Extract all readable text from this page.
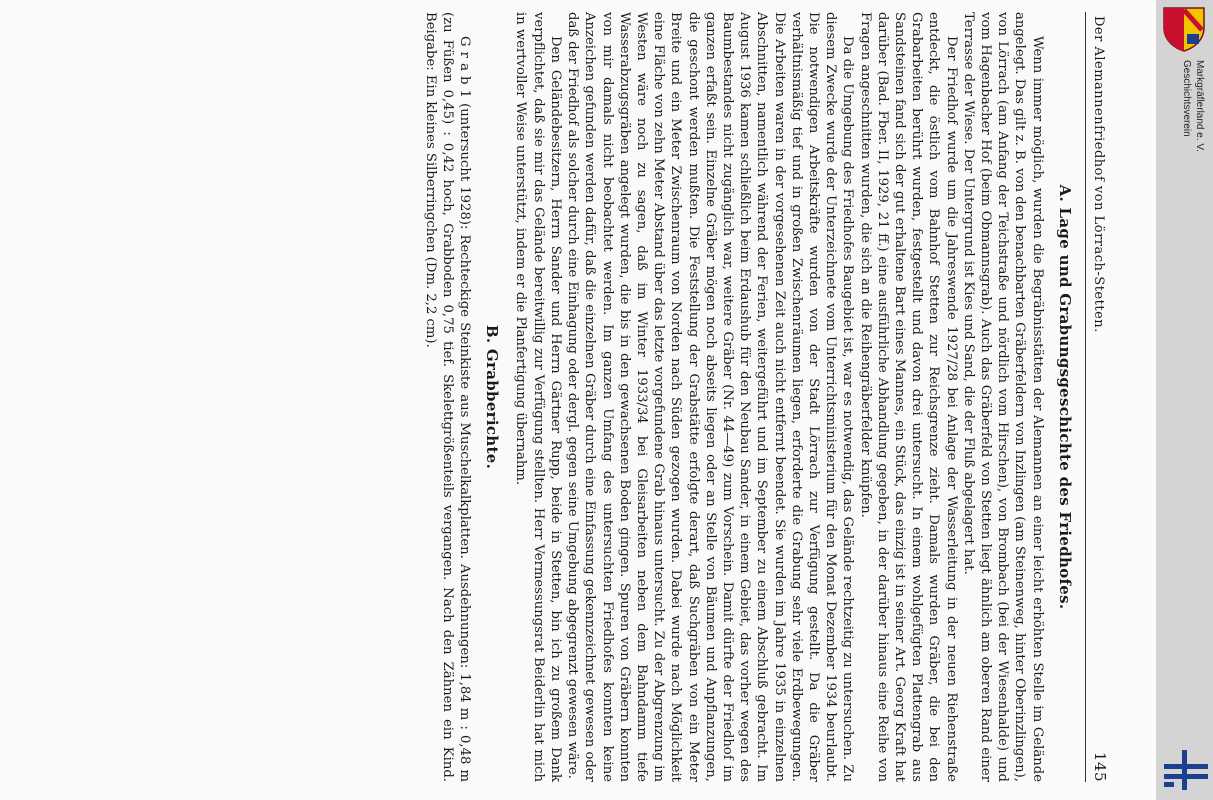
Der Alemannenfriedhof von Lörrach-Stetten.
145
A. Lage und Grabungsgeschichte des Friedhofes.

Wenn immer möglich, wurden die Begräbnisstätten der Alemannen an einer leicht erhöhten Stelle im Gelände angelegt. Das gilt z. B. von den benachbarten Gräberfeldern von Inzlingen (am Steinenweg, hinter Oberinzlingen), von Lörrach (am Anfang der Teichstraße und nördlich vom Hirschen), von Brombach (bei der Wiesenhalde) und vom Hagenbacher Hof (beim Obmannsgrab). Auch das Gräberfeld von Stetten liegt ähnlich am oberen Rand einer Terrasse der Wiese. Der Untergrund ist Kies und Sand, die der Fluß abgelagert hat.

Der Friedhof wurde um die Jahreswende 1927/28 bei Anlage der Wasserleitung in der neuen Riehenstraße entdeckt, die östlich vom Bahnhof Stetten zur Reichsgrenze zieht. Damals wurden Gräber, die bei den Grabarbeiten berührt wurden, festgestellt und davon drei untersucht. In einem wohlgefügten Plattengrab aus Sandsteinen fand sich der gut erhaltene Bart eines Mannes, ein Stück, das einzig ist in seiner Art. Georg Kraft hat darüber (Bad. Fber. II, 1929, 21 ff.) eine ausführliche Abhandlung gegeben, in der darüber hinaus eine Reihe von Fragen angeschnitten wurden, die sich an die Reihengräberfelder knüpfen.

Da die Umgebung des Friedhofes Baugebiet ist, war es notwendig, das Gelände rechtzeitig zu untersuchen. Zu diesem Zwecke wurde der Unterzeichnete vom Unterrichtsministerium für den Monat Dezember 1934 beurlaubt. Die notwendigen Arbeitskräfte wurden von der Stadt Lörrach zur Verfügung gestellt. Da die Gräber verhältnismäßig tief und in großen Zwischenräumen liegen, erforderte die Grabung sehr viele Erdbewegungen. Die Arbeiten waren in der vorgesehenen Zeit auch nicht entfernt beendet. Sie wurden im Jahre 1935 in einzelnen Abschnitten, namentlich während der Ferien, weitergeführt und im September zu einem Abschluß gebracht. Im August 1936 kamen schließlich beim Erdaushub für den Neubau Sander, in einem Gebiet, das vorher wegen des Baumbestandes nicht zugänglich war, weitere Gräber (Nr. 44—49) zum Vorschein. Damit dürfte der Friedhof im ganzen erfaßt sein. Einzelne Gräber mögen noch abseits liegen oder an Stelle von Bäumen und Anpflanzungen, die geschont werden mußten. Die Feststellung der Grabstätte erfolgte derart, daß Suchgräben von ein Meter Breite und ein Meter Zwischenraum von Norden nach Süden gezogen wurden. Dabei wurde nach Möglichkeit eine Fläche von zehn Meter Abstand über das letzte vorgefundene Grab hinaus untersucht. Zu der Abgrenzung im Westen wäre noch zu sagen, daß im Winter 1933/34 bei Gleisarbeiten neben dem Bahndamm tiefe Wasserabzugsgräben angelegt wurden, die bis in den gewachsenen Boden gingen. Spuren von Gräbern konnten von mir damals nicht beobachtet werden. Im ganzen Umfang des untersuchten Friedhofes konnten keine Anzeichen gefunden werden dafür, daß die einzelnen Gräber durch eine Einfassung gekennzeichnet gewesen oder daß der Friedhof als solcher durch eine Einhagung oder dergl. gegen seine Umgebung abgegrenzt gewesen wäre.

Den Geländebesitzern, Herrn Sander und Herrn Gärtner Rupp, beide in Stetten, bin ich zu großem Dank verpflichtet, daß sie mir das Gelände bereitwillig zur Verfügung stellten. Herr Vermessungsrat Beiderlin hat mich in wertvoller Weise unterstützt, indem er die Planfertigung übernahm.

B. Grabberichte.

G r a b 1 (untersucht 1928): Rechteckige Steinkiste aus Muschelkalkplatten. Ausdehnungen: 1,84 m : 0,48 m (zu Füßen 0,45) : 0,42 hoch, Grabboden 0,75 tief. Skelettgrößenteils vergangen. Nach den Zähnen ein Kind. Beigabe: Ein kleines Silberringchen (Dm. 2,2 cm).	Geschichtsverein Markgräflerland e. V.
